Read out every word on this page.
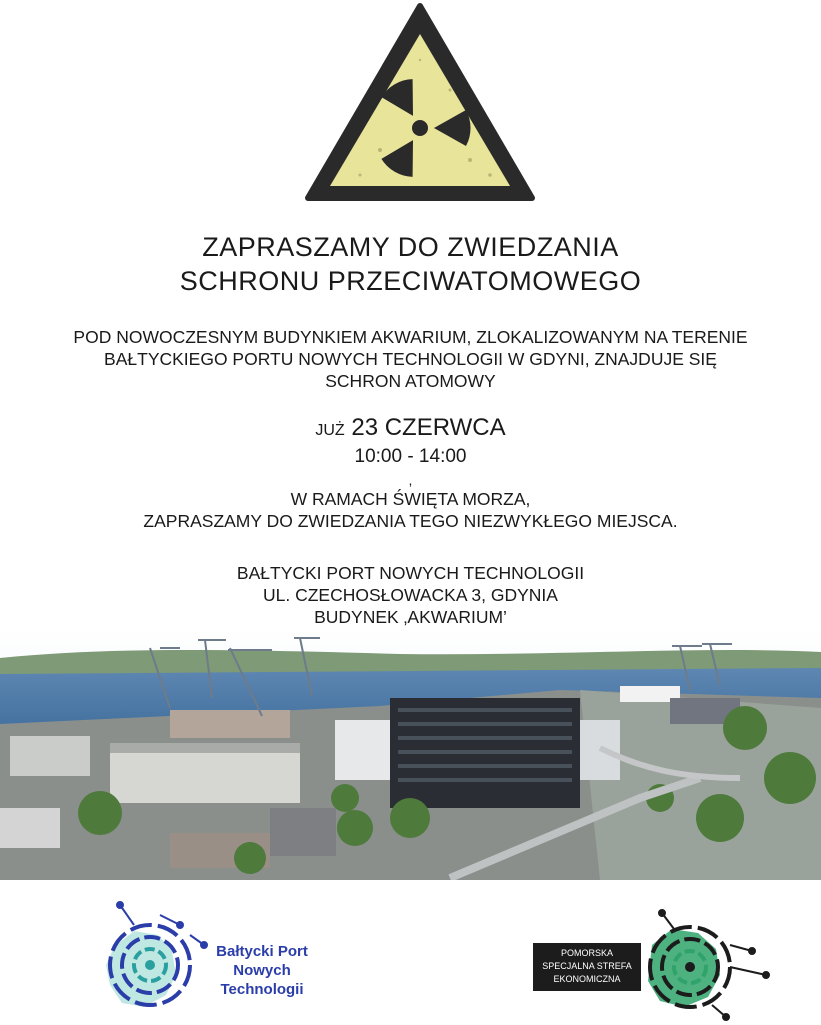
ZAPRASZAMY DO ZWIEDZANIA
SCHRONU PRZECIWATOMOWEGO
POD NOWOCZESNYM BUDYNKIEM AKWARIUM, ZLOKALIZOWANYM NA TERENIE
BAŁTYCKIEGO PORTU NOWYCH TECHNOLOGII W GDYNI, ZNAJDUJE SIĘ
SCHRON ATOMOWY
JUŻ 23 CZERWCA
10:00 - 14:00
,
W RAMACH ŚWIĘTA MORZA,
ZAPRASZAMY DO ZWIEDZANIA TEGO NIEZWYKŁEGO MIEJSCA.
BAŁTYCKI PORT NOWYCH TECHNOLOGII
UL. CZECHOSŁOWACKA 3, GDYNIA
BUDYNEK ‚AKWARIUM’
Bałtycki Port
Nowych
Technologii
POMORSKA
SPECJALNA STREFA
EKONOMICZNA
